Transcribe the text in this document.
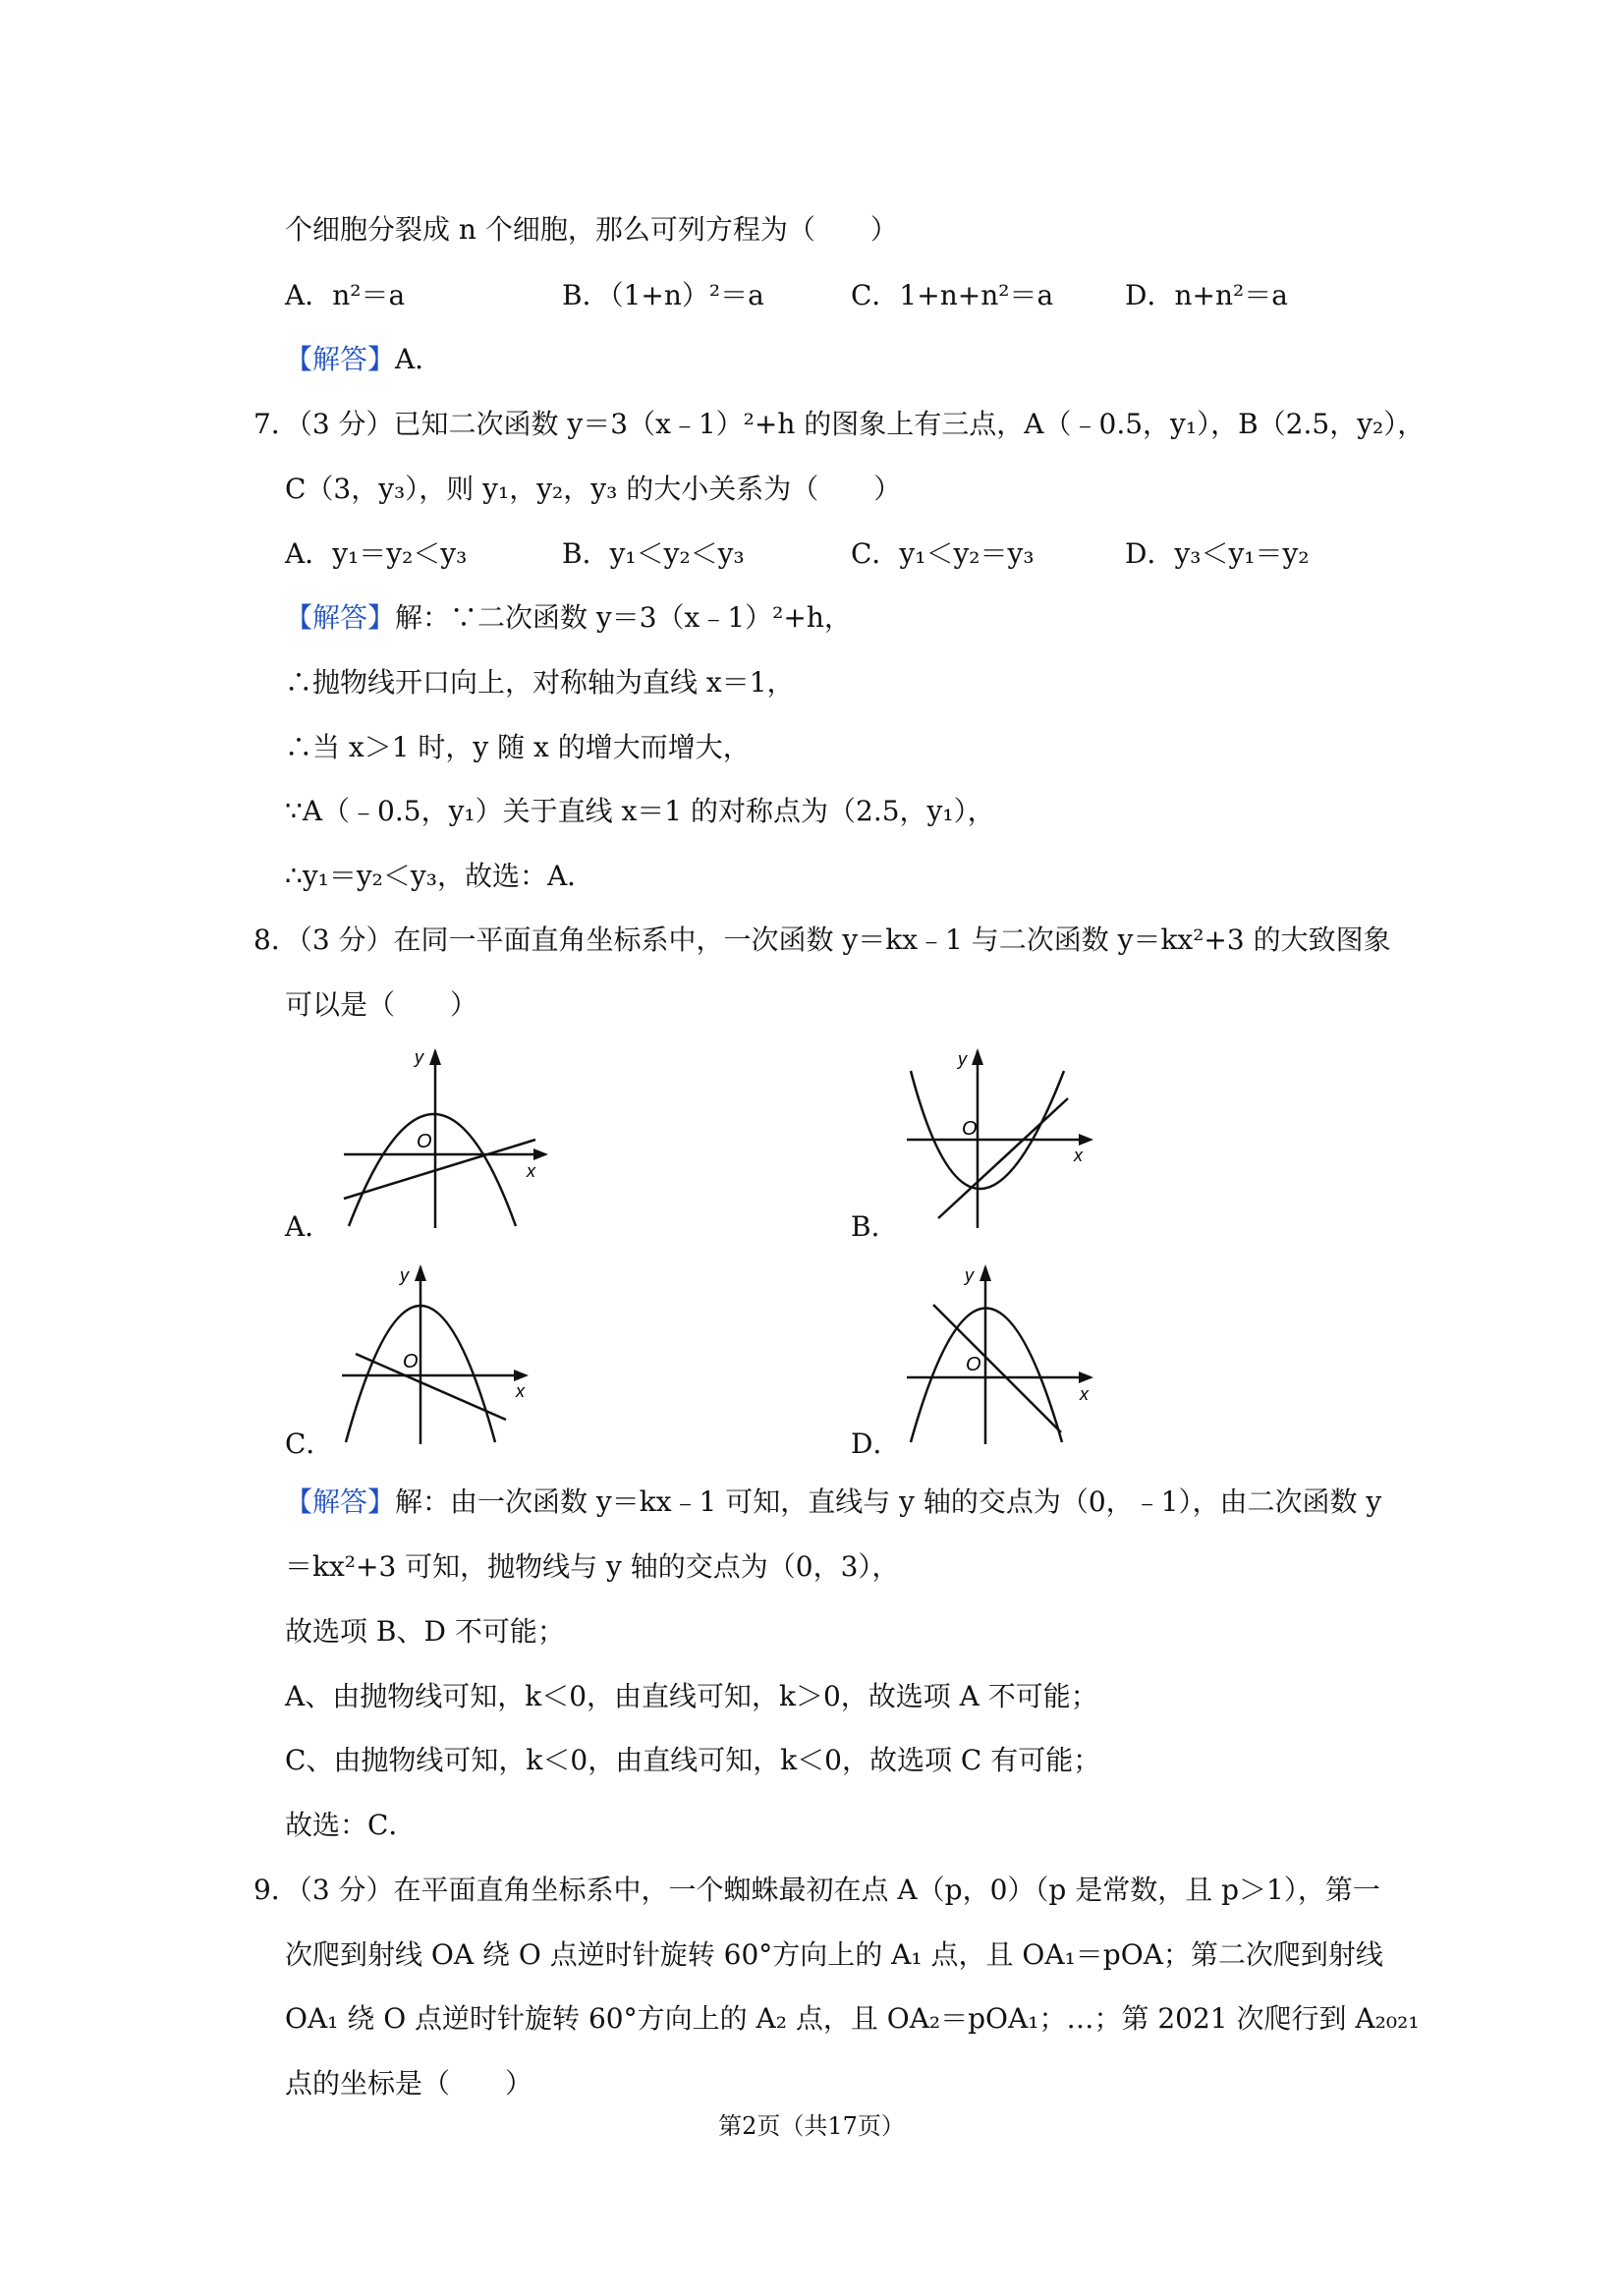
个细胞分裂成 n 个细胞，那么可列方程为（　　）
A．n²＝a	B．（1+n）²＝a	C．1+n+n²＝a	D．n+n²＝a
【解答】A．
7．（3 分）已知二次函数 y＝3（x﹣1）²+h 的图象上有三点，A（﹣0.5，y₁），B（2.5，y₂），
C（3，y₃），则 y₁，y₂，y₃ 的大小关系为（　　）
A．y₁＝y₂＜y₃	B．y₁＜y₂＜y₃	C．y₁＜y₂＝y₃	D．y₃＜y₁＝y₂
【解答】解：∵二次函数 y＝3（x﹣1）²+h，
∴抛物线开口向上，对称轴为直线 x＝1，
∴当 x＞1 时，y 随 x 的增大而增大，
∵A（﹣0.5，y₁）关于直线 x＝1 的对称点为（2.5，y₁），
∴y₁＝y₂＜y₃，故选：A．
8．（3 分）在同一平面直角坐标系中，一次函数 y＝kx﹣1 与二次函数 y＝kx²+3 的大致图象
可以是（　　）
A．
O
x
y
B．
O
x
y
C．
O
x
y
D．
O
x
y
【解答】解：由一次函数 y＝kx﹣1 可知，直线与 y 轴的交点为（0，﹣1），由二次函数 y
＝kx²+3 可知，抛物线与 y 轴的交点为（0，3），
故选项 B、D 不可能；
A、由抛物线可知，k＜0，由直线可知，k＞0，故选项 A 不可能；
C、由抛物线可知，k＜0，由直线可知，k＜0，故选项 C 有可能；
故选：C．
9．（3 分）在平面直角坐标系中，一个蜘蛛最初在点 A（p，0）（p 是常数，且 p＞1），第一
次爬到射线 OA 绕 O 点逆时针旋转 60°方向上的 A₁ 点，且 OA₁＝pOA；第二次爬到射线
OA₁ 绕 O 点逆时针旋转 60°方向上的 A₂ 点，且 OA₂＝pOA₁；…；第 2021 次爬行到 A₂₀₂₁
点的坐标是（　　）
第2页（共17页）
